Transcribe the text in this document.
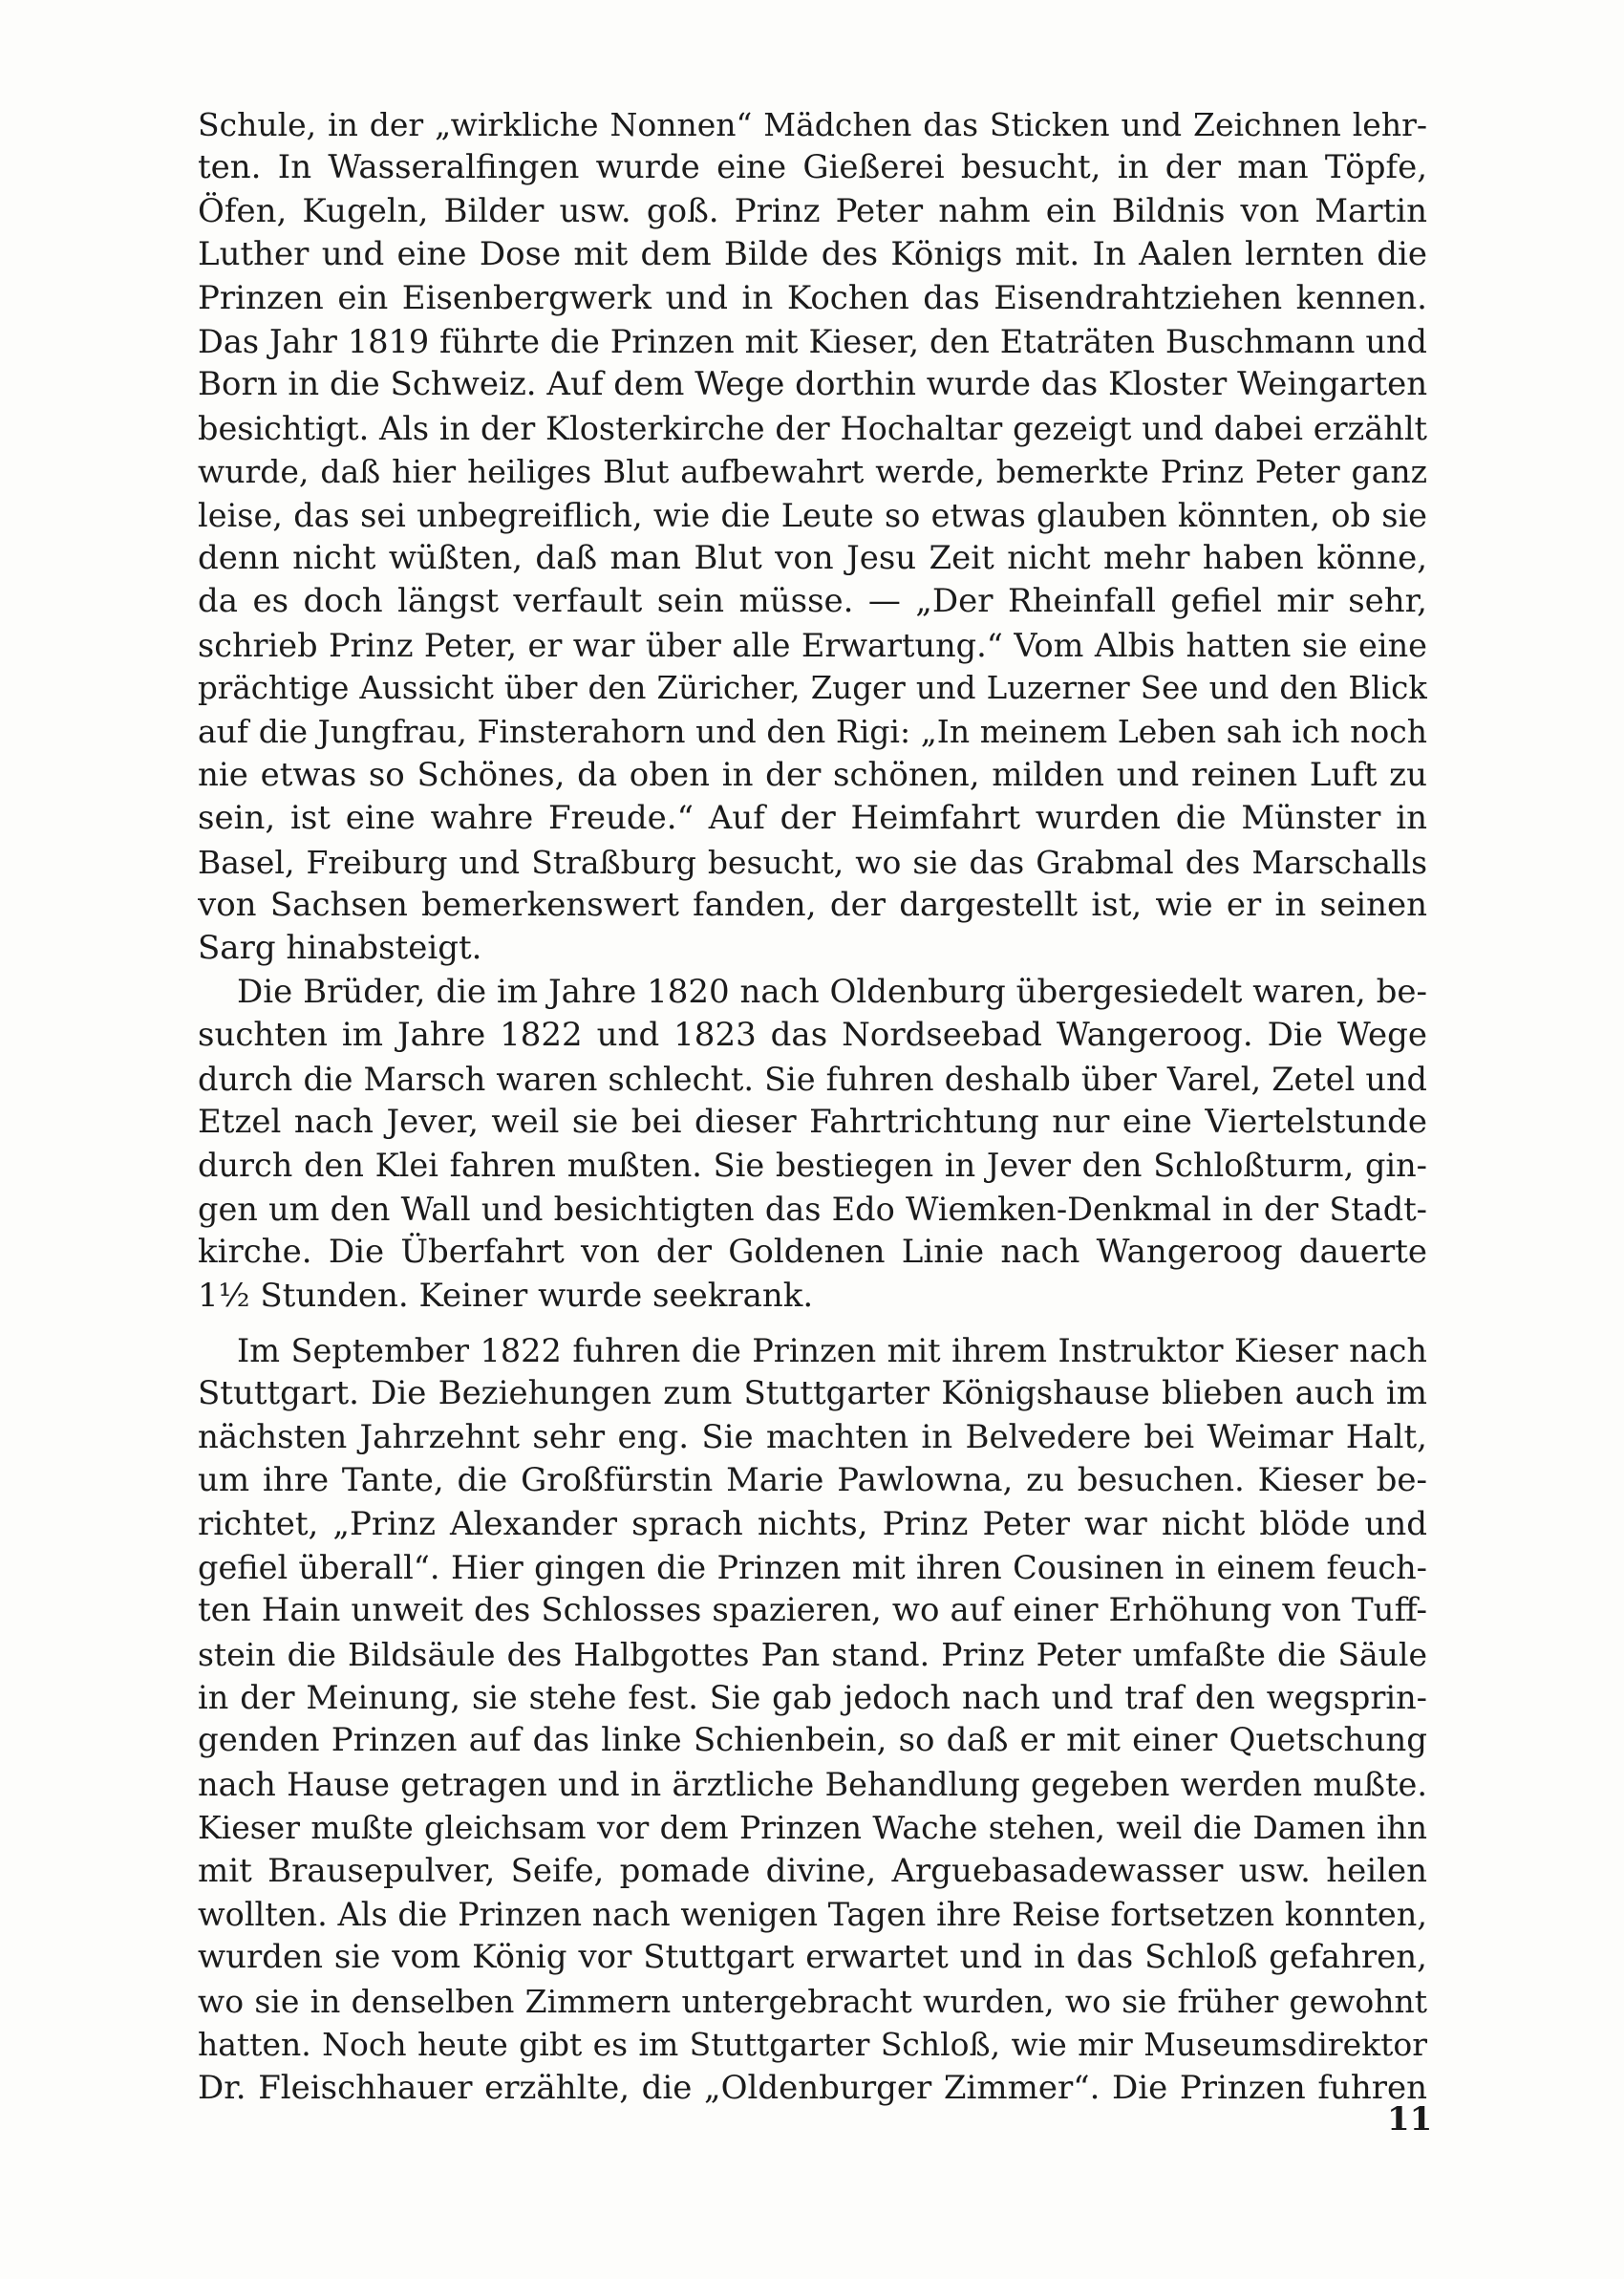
Schule, in der „wirkliche Nonnen“ Mädchen das Sticken und Zeichnen lehr-
ten. In Wasseralfingen wurde eine Gießerei besucht, in der man Töpfe,
Öfen, Kugeln, Bilder usw. goß. Prinz Peter nahm ein Bildnis von Martin
Luther und eine Dose mit dem Bilde des Königs mit. In Aalen lernten die
Prinzen ein Eisenbergwerk und in Kochen das Eisendrahtziehen kennen.
Das Jahr 1819 führte die Prinzen mit Kieser, den Etaträten Buschmann und
Born in die Schweiz. Auf dem Wege dorthin wurde das Kloster Weingarten
besichtigt. Als in der Klosterkirche der Hochaltar gezeigt und dabei erzählt
wurde, daß hier heiliges Blut aufbewahrt werde, bemerkte Prinz Peter ganz
leise, das sei unbegreiflich, wie die Leute so etwas glauben könnten, ob sie
denn nicht wüßten, daß man Blut von Jesu Zeit nicht mehr haben könne,
da es doch längst verfault sein müsse. — „Der Rheinfall gefiel mir sehr,
schrieb Prinz Peter, er war über alle Erwartung.“ Vom Albis hatten sie eine
prächtige Aussicht über den Züricher, Zuger und Luzerner See und den Blick
auf die Jungfrau, Finsterahorn und den Rigi: „In meinem Leben sah ich noch
nie etwas so Schönes, da oben in der schönen, milden und reinen Luft zu
sein, ist eine wahre Freude.“ Auf der Heimfahrt wurden die Münster in
Basel, Freiburg und Straßburg besucht, wo sie das Grabmal des Marschalls
von Sachsen bemerkenswert fanden, der dargestellt ist, wie er in seinen
Sarg hinabsteigt.

Die Brüder, die im Jahre 1820 nach Oldenburg übergesiedelt waren, be-
suchten im Jahre 1822 und 1823 das Nordseebad Wangeroog. Die Wege
durch die Marsch waren schlecht. Sie fuhren deshalb über Varel, Zetel und
Etzel nach Jever, weil sie bei dieser Fahrtrichtung nur eine Viertelstunde
durch den Klei fahren mußten. Sie bestiegen in Jever den Schloßturm, gin-
gen um den Wall und besichtigten das Edo Wiemken-Denkmal in der Stadt-
kirche. Die Überfahrt von der Goldenen Linie nach Wangeroog dauerte
1½ Stunden. Keiner wurde seekrank.

Im September 1822 fuhren die Prinzen mit ihrem Instruktor Kieser nach
Stuttgart. Die Beziehungen zum Stuttgarter Königshause blieben auch im
nächsten Jahrzehnt sehr eng. Sie machten in Belvedere bei Weimar Halt,
um ihre Tante, die Großfürstin Marie Pawlowna, zu besuchen. Kieser be-
richtet, „Prinz Alexander sprach nichts, Prinz Peter war nicht blöde und
gefiel überall“. Hier gingen die Prinzen mit ihren Cousinen in einem feuch-
ten Hain unweit des Schlosses spazieren, wo auf einer Erhöhung von Tuff-
stein die Bildsäule des Halbgottes Pan stand. Prinz Peter umfaßte die Säule
in der Meinung, sie stehe fest. Sie gab jedoch nach und traf den wegsprin-
genden Prinzen auf das linke Schienbein, so daß er mit einer Quetschung
nach Hause getragen und in ärztliche Behandlung gegeben werden mußte.
Kieser mußte gleichsam vor dem Prinzen Wache stehen, weil die Damen ihn
mit Brausepulver, Seife, pomade divine, Arguebasadewasser usw. heilen
wollten. Als die Prinzen nach wenigen Tagen ihre Reise fortsetzen konnten,
wurden sie vom König vor Stuttgart erwartet und in das Schloß gefahren,
wo sie in denselben Zimmern untergebracht wurden, wo sie früher gewohnt
hatten. Noch heute gibt es im Stuttgarter Schloß, wie mir Museumsdirektor
Dr. Fleischhauer erzählte, die „Oldenburger Zimmer“. Die Prinzen fuhren

11
